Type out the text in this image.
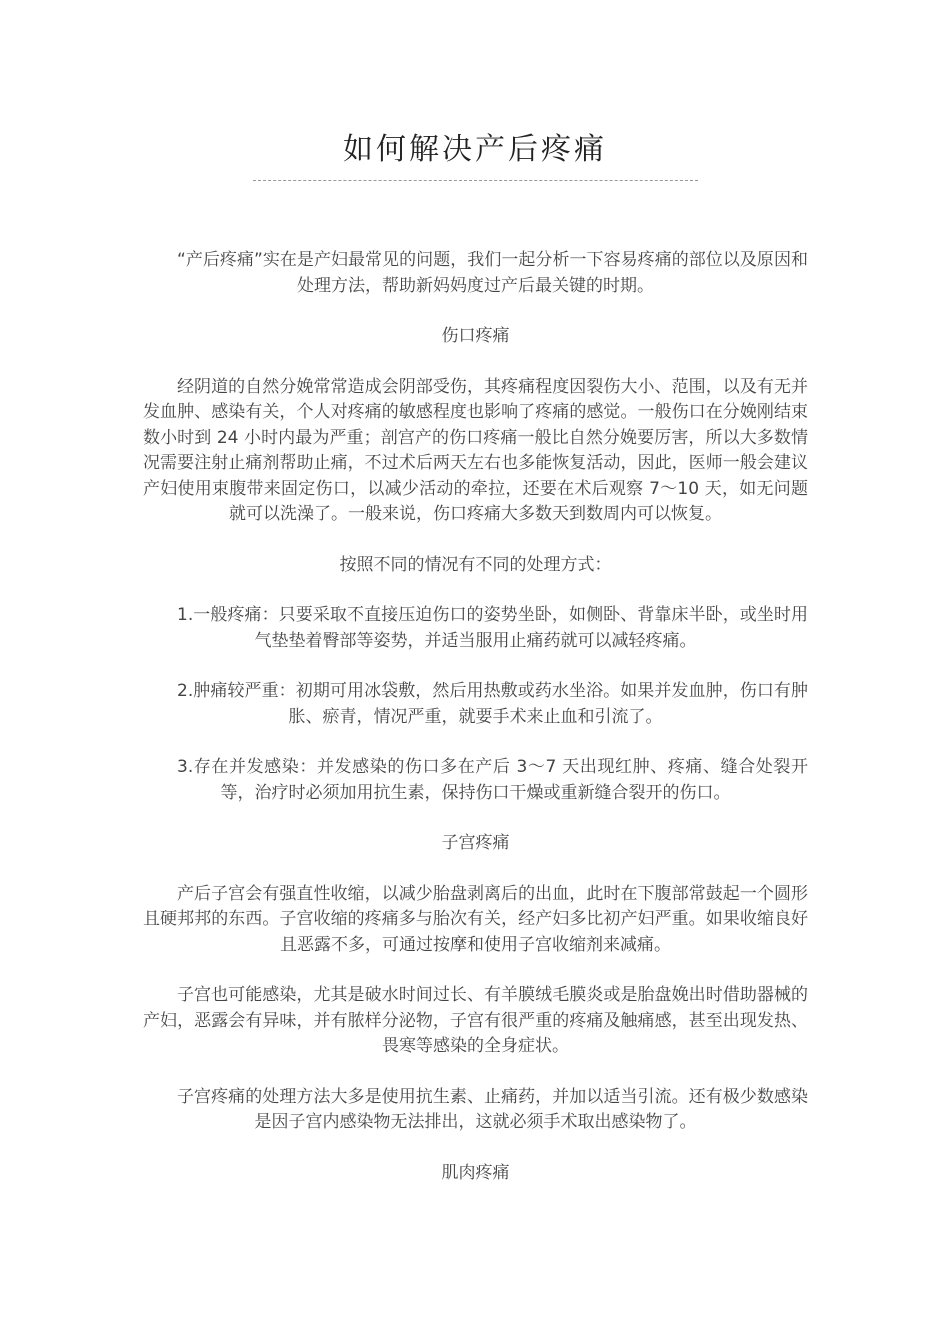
如何解决产后疼痛

“产后疼痛”实在是产妇最常见的问题，我们一起分析一下容易疼痛的部位以及原因和处理方法，帮助新妈妈度过产后最关键的时期。

伤口疼痛

经阴道的自然分娩常常造成会阴部受伤，其疼痛程度因裂伤大小、范围，以及有无并发血肿、感染有关，个人对疼痛的敏感程度也影响了疼痛的感觉。一般伤口在分娩刚结束数小时到 24 小时内最为严重；剖宫产的伤口疼痛一般比自然分娩要厉害，所以大多数情况需要注射止痛剂帮助止痛，不过术后两天左右也多能恢复活动，因此，医师一般会建议产妇使用束腹带来固定伤口，以减少活动的牵拉，还要在术后观察 7～10 天，如无问题就可以洗澡了。一般来说，伤口疼痛大多数天到数周内可以恢复。

按照不同的情况有不同的处理方式：

1.一般疼痛：只要采取不直接压迫伤口的姿势坐卧，如侧卧、背靠床半卧，或坐时用气垫垫着臀部等姿势，并适当服用止痛药就可以减轻疼痛。

2.肿痛较严重：初期可用冰袋敷，然后用热敷或药水坐浴。如果并发血肿，伤口有肿胀、瘀青，情况严重，就要手术来止血和引流了。

3.存在并发感染：并发感染的伤口多在产后 3～7 天出现红肿、疼痛、缝合处裂开等，治疗时必须加用抗生素，保持伤口干燥或重新缝合裂开的伤口。

子宫疼痛

产后子宫会有强直性收缩，以减少胎盘剥离后的出血，此时在下腹部常鼓起一个圆形且硬邦邦的东西。子宫收缩的疼痛多与胎次有关，经产妇多比初产妇严重。如果收缩良好且恶露不多，可通过按摩和使用子宫收缩剂来减痛。

子宫也可能感染，尤其是破水时间过长、有羊膜绒毛膜炎或是胎盘娩出时借助器械的产妇，恶露会有异味，并有脓样分泌物，子宫有很严重的疼痛及触痛感，甚至出现发热、畏寒等感染的全身症状。

子宫疼痛的处理方法大多是使用抗生素、止痛药，并加以适当引流。还有极少数感染是因子宫内感染物无法排出，这就必须手术取出感染物了。

肌肉疼痛
